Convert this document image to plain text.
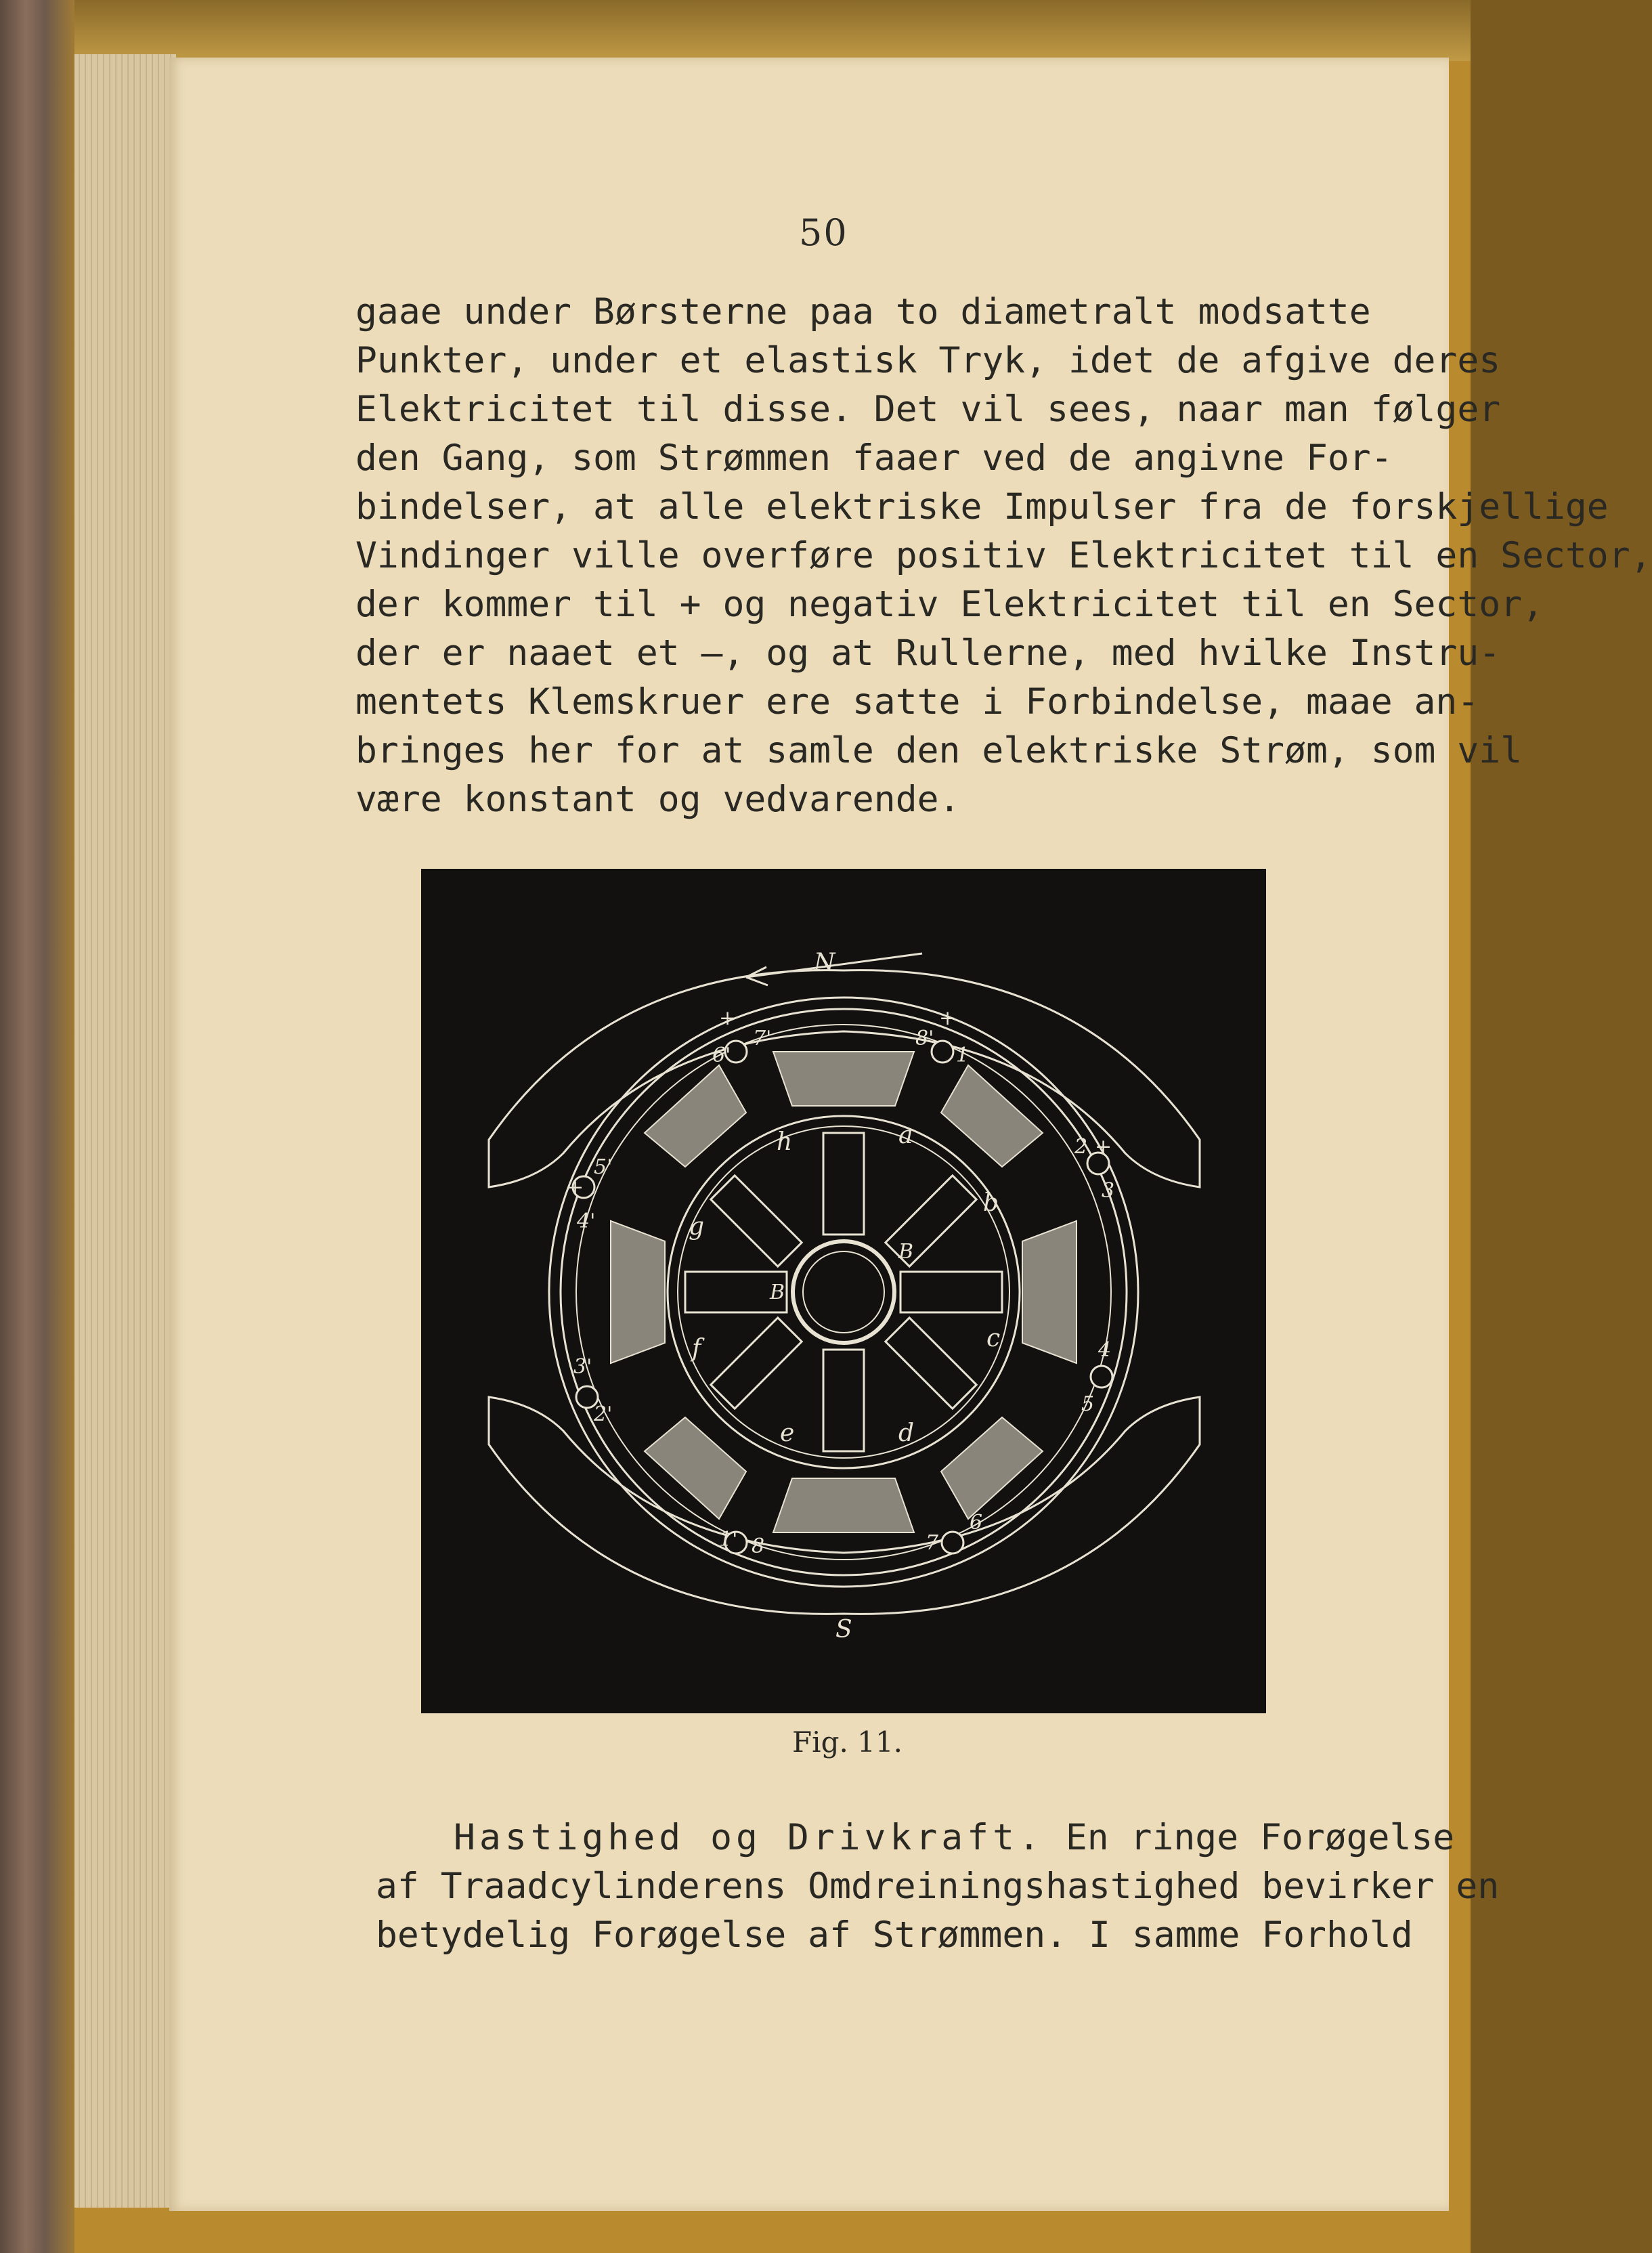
50
gaae under Børsterne paa to diametralt modsatte
Punkter, under et elastisk Tryk, idet de afgive deres
Elektricitet til disse. Det vil sees, naar man følger
den Gang, som Strømmen faaer ved de angivne For-
bindelser, at alle elektriske Impulser fra de forskjellige
Vindinger ville overføre positiv Elektricitet til en Sector,
der kommer til + og negativ Elektricitet til en Sector,
der er naaet et —, og at Rullerne, med hvilke Instru-
mentets Klemskruer ere satte i Forbindelse, maae an-
bringes her for at samle den elektriske Strøm, som vil
være konstant og vedvarende.
N
S
a
b
c
d
e
f
g
h
B
B
1
1'
2
2'
3
3'
4
4'
5
5'
6
6'
7
7'
8
8'
+	+
+
+
Fig. 11.
Hastighed og Drivkraft. En ringe Forøgelse
af Traadcylinderens Omdreiningshastighed bevirker en
betydelig Forøgelse af Strømmen. I samme Forhold
